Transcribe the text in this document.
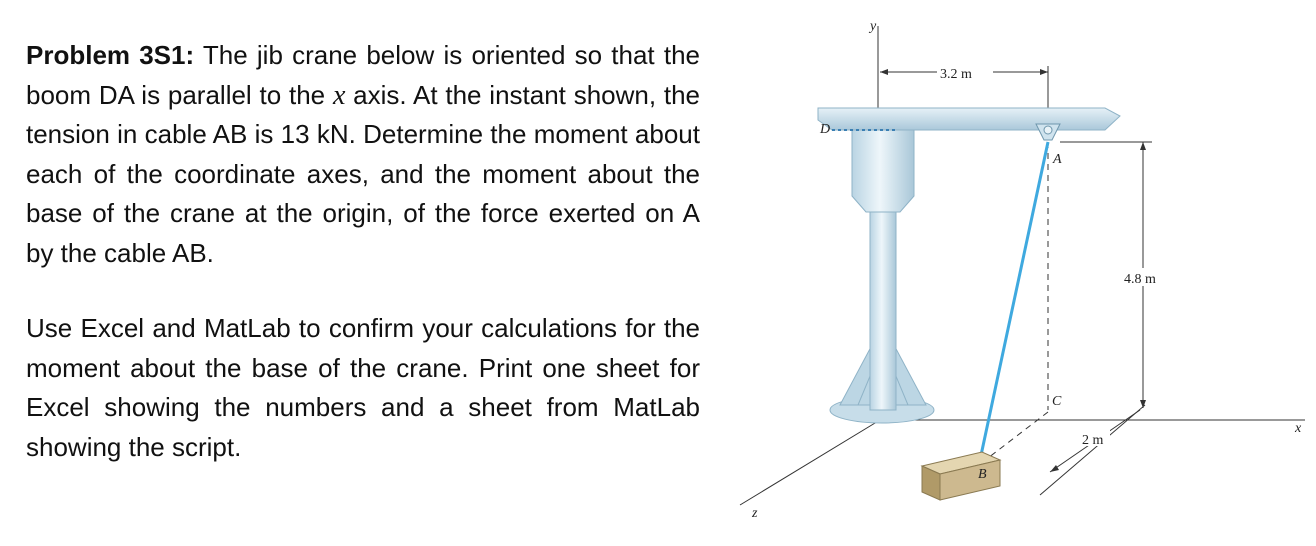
Problem 3S1: The jib crane below is oriented so that the boom DA is parallel to the x axis. At the instant shown, the tension in cable AB is 13 kN. Determine the moment about each of the coordinate axes, and the moment about the base of the crane at the origin, of the force exerted on A by the cable AB.

Use Excel and MatLab to confirm your calculations for the moment about the base of the crane. Print one sheet for Excel showing the numbers and a sheet from MatLab showing the script.

y
x
z
3.2 m
D
A
C
B
4.8 m
2 m
